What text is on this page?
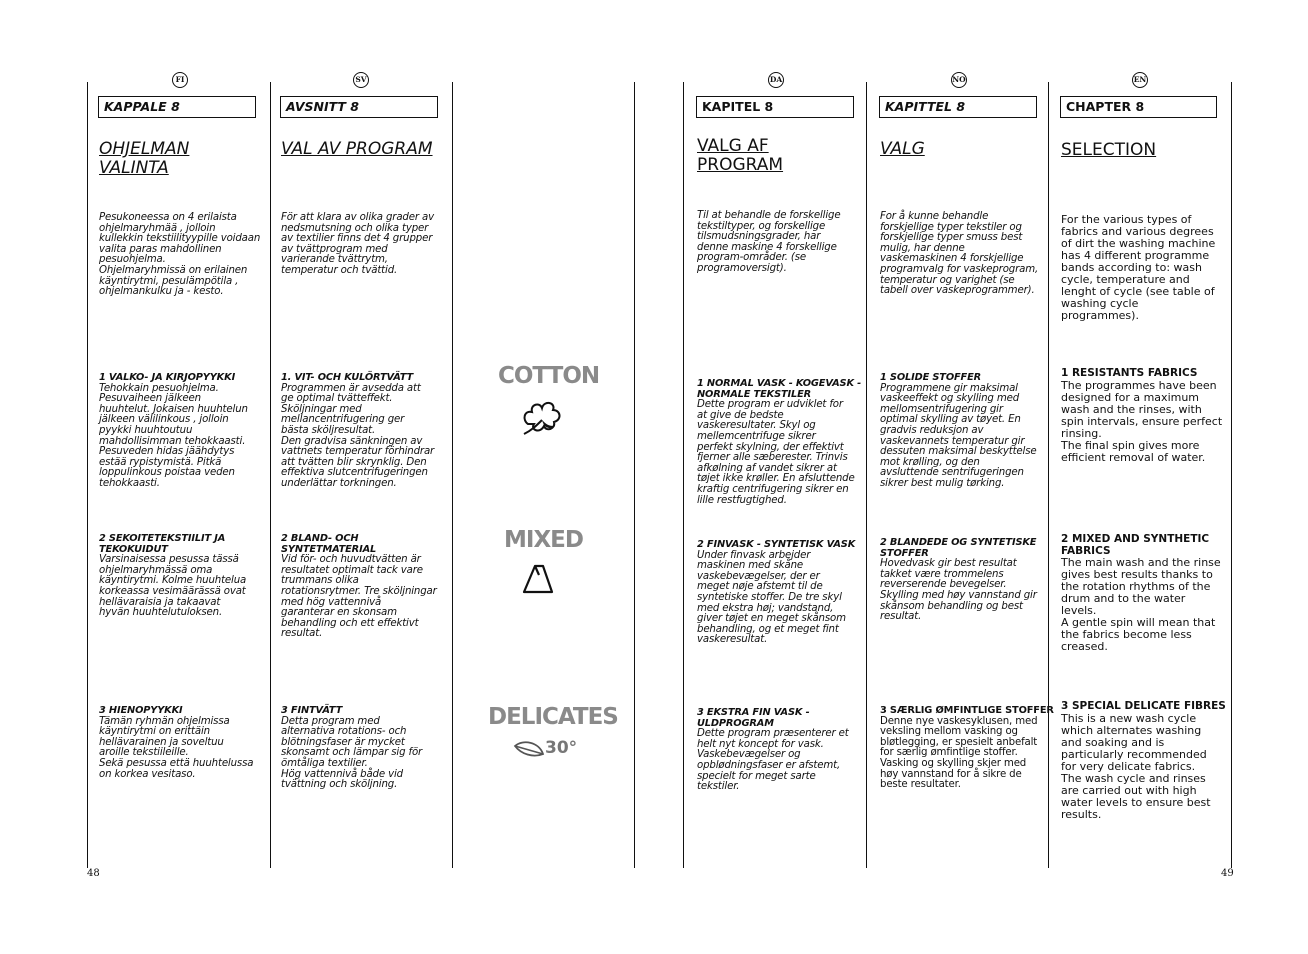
FI	SV	DA	NO	EN
KAPPALE 8
OHJELMAN
VALINTA
Pesukoneessa on 4 erilaista
ohjelmaryhmää , jolloin
kullekkin tekstiilityypille voidaan
valita paras mahdollinen
pesuohjelma.
Ohjelmaryhmissä on erilainen
käyntirytmi, pesulämpötila ,
ohjelmankulku ja - kesto.
1 VALKO- JA KIRJOPYYKKI
Tehokkain pesuohjelma.
Pesuvaiheen jälkeen
huuhtelut. Jokaisen huuhtelun
jälkeen välilinkous , jolloin
pyykki huuhtoutuu
mahdollisimman tehokkaasti.
Pesuveden hidas jäähdytys
estää rypistymistä. Pitkä
loppulinkous poistaa veden
tehokkaasti.
2 SEKOITETEKSTIILIT JA
TEKOKUIDUT
Varsinaisessa pesussa tässä
ohjelmaryhmässä oma
käyntirytmi. Kolme huuhtelua
korkeassa vesimäärässä ovat
hellävaraisia ja takaavat
hyvän huuhtelutuloksen.
3 HIENOPYYKKI
Tämän ryhmän ohjelmissa
käyntirytmi on erittäin
hellävarainen ja soveltuu
aroille tekstiileille.
Sekä pesussa että huuhtelussa
on korkea vesitaso.
AVSNITT 8
VAL AV PROGRAM
För att klara av olika grader av
nedsmutsning och olika typer
av textilier finns det 4 grupper
av tvättprogram med
varierande tvättrytm,
temperatur och tvättid.
1. VIT- OCH KULÖRTVÄTT
Programmen är avsedda att
ge optimal tvätteffekt.
Sköljningar med
mellancentrifugering ger
bästa sköljresultat.
Den gradvisa sänkningen av
vattnets temperatur förhindrar
att tvätten blir skrynklig. Den
effektiva slutcentrifugeringen
underlättar torkningen.
2 BLAND- OCH
SYNTETMATERIAL
Vid för- och huvudtvätten är
resultatet optimalt tack vare
trummans olika
rotationsrytmer. Tre sköljningar
med hög vattennivå
garanterar en skonsam
behandling och ett effektivt
resultat.
3 FINTVÄTT
Detta program med
alternativa rotations- och
blötningsfaser är mycket
skonsamt och lämpar sig för
ömtåliga textilier.
Hög vattennivå både vid
tvättning och sköljning.
COTTON
MIXED
DELICATES
30°
KAPITEL 8
VALG AF
PROGRAM
Til at behandle de forskellige
tekstiltyper, og forskellige
tilsmudsningsgrader, har
denne maskine 4 forskellige
program-områder. (se
programoversigt).
1 NORMAL VASK - KOGEVASK -
NORMALE TEKSTILER
Dette program er udviklet for
at give de bedste
vaskeresultater. Skyl og
mellemcentrifuge sikrer
perfekt skylning, der effektivt
fjerner alle sæberester. Trinvis
afkølning af vandet sikrer at
tøjet ikke krøller. En afsluttende
kraftig centrifugering sikrer en
lille restfugtighed.
2 FINVASK - SYNTETISK VASK
Under finvask arbejder
maskinen med skåne
vaskebevægelser, der er
meget nøje afstemt til de
syntetiske stoffer. De tre skyl
med ekstra høj; vandstand,
giver tøjet en meget skånsom
behandling, og et meget fint
vaskeresultat.
3 EKSTRA FIN VASK -
ULDPROGRAM
Dette program præsenterer et
helt nyt koncept for vask.
Vaskebevægelser og
opblødningsfaser er afstemt,
specielt for meget sarte
tekstiler.
KAPITTEL 8
VALG
For å kunne behandle
forskjellige typer tekstiler og
forskjellige typer smuss best
mulig, har denne
vaskemaskinen 4 forskjellige
programvalg for vaskeprogram,
temperatur og varighet (se
tabell over vaskeprogrammer).
1 SOLIDE STOFFER
Programmene gir maksimal
vaskeeffekt og skylling med
mellomsentrifugering gir
optimal skylling av tøyet. En
gradvis reduksjon av
vaskevannets temperatur gir
dessuten maksimal beskyttelse
mot krølling, og den
avsluttende sentrifugeringen
sikrer best mulig tørking.
2 BLANDEDE OG SYNTETISKE
STOFFER
Hovedvask gir best resultat
takket være trommelens
reverserende bevegelser.
Skylling med høy vannstand gir
skånsom behandling og best
resultat.
3 SÆRLIG ØMFINTLIGE STOFFER
Denne nye vaskesyklusen, med
veksling mellom vasking og
bløtlegging, er spesielt anbefalt
for særlig ømfintlige stoffer.
Vasking og skylling skjer med
høy vannstand for å sikre de
beste resultater.
CHAPTER 8
SELECTION
For the various types of
fabrics and various degrees
of dirt the washing machine
has 4 different programme
bands according to: wash
cycle, temperature and
lenght of cycle (see table of
washing cycle
programmes).
1 RESISTANTS FABRICS
The programmes have been
designed for a maximum
wash and the rinses, with
spin intervals, ensure perfect
rinsing.
The final spin gives more
efficient removal of water.
2 MIXED AND SYNTHETIC
FABRICS
The main wash and the rinse
gives best results thanks to
the rotation rhythms of the
drum and to the water
levels.
A gentle spin will mean that
the fabrics become less
creased.
3 SPECIAL DELICATE FIBRES
This is a new wash cycle
which alternates washing
and soaking and is
particularly recommended
for very delicate fabrics.
The wash cycle and rinses
are carried out with high
water levels to ensure best
results.
48	49
